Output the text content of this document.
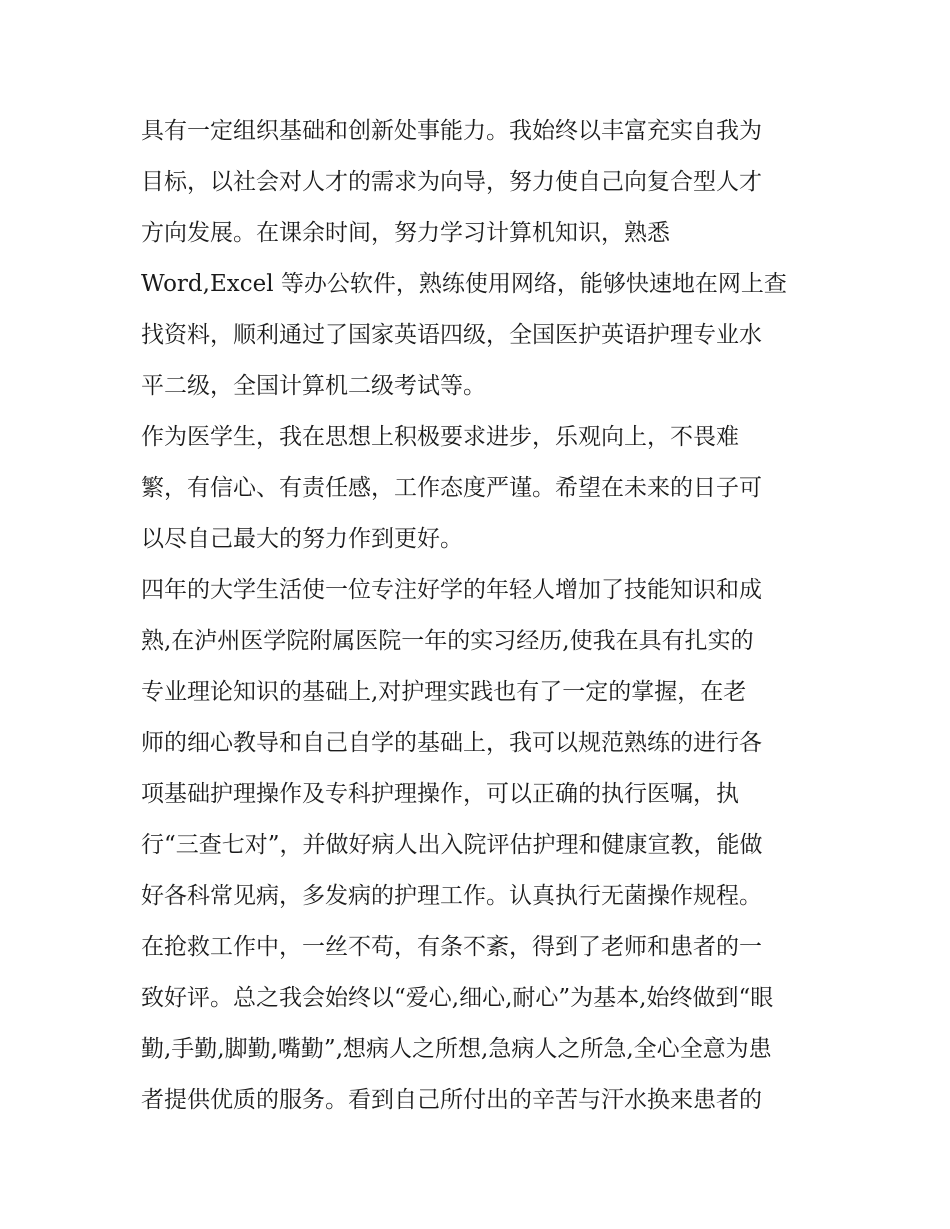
具有一定组织基础和创新处事能力。我始终以丰富充实自我为
目标，以社会对人才的需求为向导，努力使自己向复合型人才
方向发展。在课余时间，努力学习计算机知识，熟悉
Word,Excel 等办公软件，熟练使用网络，能够快速地在网上查
找资料，顺利通过了国家英语四级，全国医护英语护理专业水
平二级，全国计算机二级考试等。
作为医学生，我在思想上积极要求进步，乐观向上，不畏难
繁，有信心、有责任感，工作态度严谨。希望在未来的日子可
以尽自己最大的努力作到更好。
四年的大学生活使一位专注好学的年轻人增加了技能知识和成
熟,在泸州医学院附属医院一年的实习经历,使我在具有扎实的
专业理论知识的基础上,对护理实践也有了一定的掌握，在老
师的细心教导和自己自学的基础上，我可以规范熟练的进行各
项基础护理操作及专科护理操作，可以正确的执行医嘱，执
行“三查七对”，并做好病人出入院评估护理和健康宣教，能做
好各科常见病，多发病的护理工作。认真执行无菌操作规程。
在抢救工作中，一丝不苟，有条不紊，得到了老师和患者的一
致好评。总之我会始终以“爱心,细心,耐心”为基本,始终做到“眼
勤,手勤,脚勤,嘴勤”,想病人之所想,急病人之所急,全心全意为患
者提供优质的服务。看到自己所付出的辛苦与汗水换来患者的
